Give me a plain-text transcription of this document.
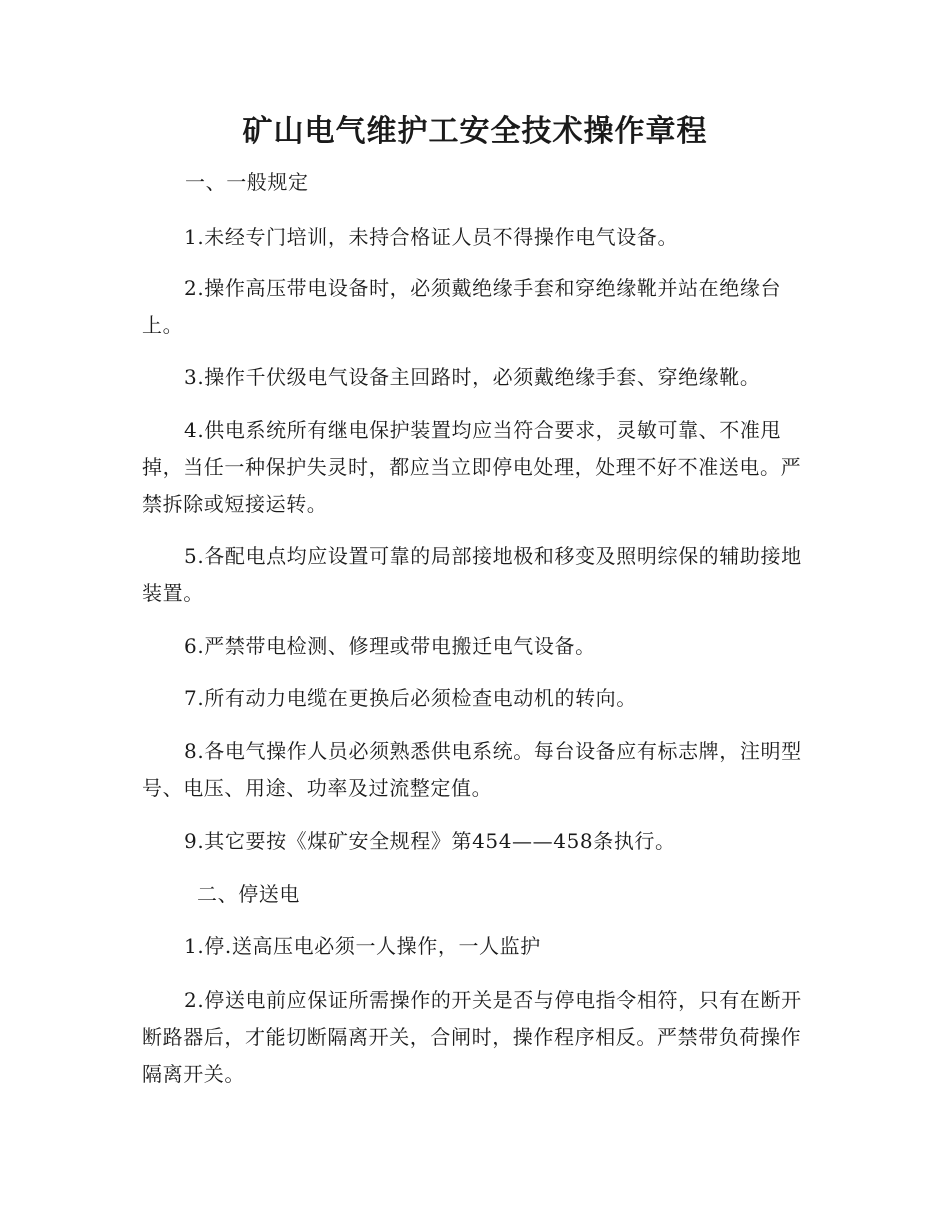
矿山电气维护工安全技术操作章程

一、一般规定

1.未经专门培训，未持合格证人员不得操作电气设备。

2.操作高压带电设备时，必须戴绝缘手套和穿绝缘靴并站在绝缘台上。

3.操作千伏级电气设备主回路时，必须戴绝缘手套、穿绝缘靴。

4.供电系统所有继电保护装置均应当符合要求，灵敏可靠、不准甩掉，当任一种保护失灵时，都应当立即停电处理，处理不好不准送电。严禁拆除或短接运转。

5.各配电点均应设置可靠的局部接地极和移变及照明综保的辅助接地装置。

6.严禁带电检测、修理或带电搬迁电气设备。

7.所有动力电缆在更换后必须检查电动机的转向。

8.各电气操作人员必须熟悉供电系统。每台设备应有标志牌，注明型号、电压、用途、功率及过流整定值。

9.其它要按《煤矿安全规程》第454——458条执行。

二、停送电

1.停.送高压电必须一人操作，一人监护

2.停送电前应保证所需操作的开关是否与停电指令相符，只有在断开断路器后，才能切断隔离开关，合闸时，操作程序相反。严禁带负荷操作隔离开关。
